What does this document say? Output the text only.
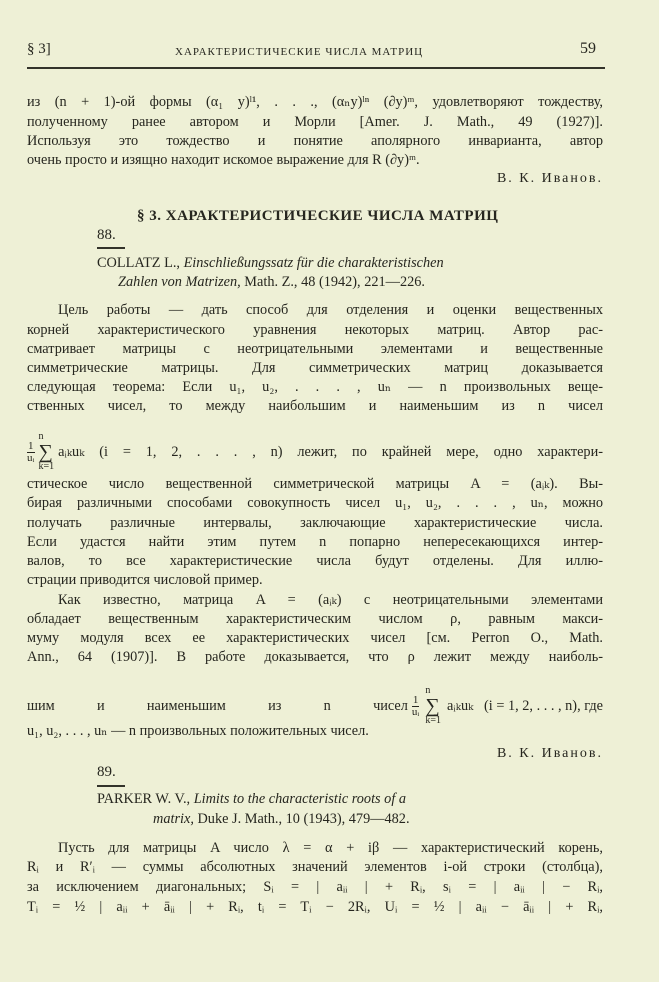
§ 3]	ХАРАКТЕРИСТИЧЕСКИЕ ЧИСЛА МАТРИЦ	59
из (n + 1)-ой формы (α₁ y)ˡ¹, . . ., (αₙy)ˡⁿ (∂y)ᵐ, удовлетворяют тождеству,
полученному ранее автором и Морли [Amer. J. Math., 49 (1927)].
Используя это тождество и понятие аполярного инварианта, автор
очень просто и изящно находит искомое выражение для R (∂y)ᵐ.
В. К. Иванов.
§ 3. ХАРАКТЕРИСТИЧЕСКИЕ ЧИСЛА МАТРИЦ
88.
COLLATZ L., Einschließungssatz für die charakteristischen
Zahlen von Matrizen, Math. Z., 48 (1942), 221—226.
Цель работы — дать способ для отделения и оценки вещественных
корней характеристического уравнения некоторых матриц. Автор рас-
сматривает матрицы с неотрицательными элементами и вещественные
симметрические матрицы. Для симметрических матриц доказывается
следующая теорема: Если u₁, u₂, . . . , uₙ — n произвольных веще-
ственных чисел, то между наибольшим и наименьшим из n чисел
$\frac{1}{\text{uᵢ}}$
n
∑
k=1
aᵢₖuₖ (i = 1, 2, . . . , n) лежит, по крайней мере, одно характери-
стическое число вещественной симметрической матрицы A = (aᵢₖ). Вы-
бирая различными способами совокупность чисел u₁, u₂, . . . , uₙ, можно
получать различные интервалы, заключающие характеристические числа.
Если удастся найти этим путем n попарно непересекающихся интер-
валов, то все характеристические числа будут отделены. Для иллю-
страции приводится числовой пример.
Как известно, матрица A = (aᵢₖ) с неотрицательными элементами
обладает вещественным характеристическим числом ρ, равным макси-
муму модуля всех ее характеристических чисел [см. Perron O., Math.
Ann., 64 (1907)]. В работе доказывается, что ρ лежит между наиболь-
шим и наименьшим из n чисел $\frac{1}{\text{uᵢ}}$
n
∑
k=1
aᵢₖuₖ   (i = 1, 2, . . . , n), где
u₁, u₂, . . . , uₙ — n произвольных положительных чисел.
В. К. Иванов.
89.
PARKER W. V., Limits to the characteristic roots of a
matrix, Duke J. Math., 10 (1943), 479—482.
Пусть для матрицы A число λ = α + iβ — характеристический корень,
Rᵢ и R′ᵢ — суммы абсолютных значений элементов i-ой строки (столбца),
за исключением диагональных; Sᵢ = | aᵢᵢ | + Rᵢ, sᵢ = | aᵢᵢ | − Rᵢ,
Tᵢ = ½ | aᵢᵢ + āᵢᵢ | + Rᵢ, tᵢ = Tᵢ − 2Rᵢ, Uᵢ = ½ | aᵢᵢ − āᵢᵢ | + Rᵢ,
